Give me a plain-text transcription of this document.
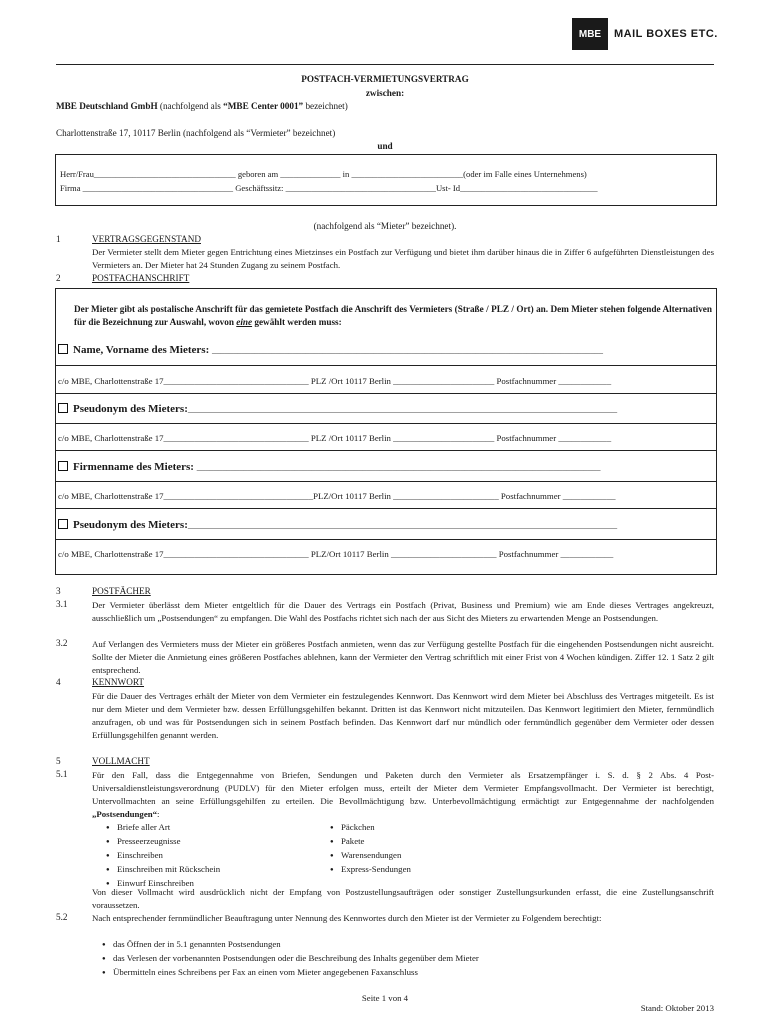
MBE	MAIL BOXES ETC.
POSTFACH-VERMIETUNGSVERTRAG
zwischen:
MBE Deutschland GmbH (nachfolgend als “MBE Center 0001” bezeichnet)
Charlottenstraße 17, 10117 Berlin (nachfolgend als “Vermieter” bezeichnet)
und
Herr/Frau_________________________________ geboren am ______________ in __________________________(oder im Falle eines Unternehmens)
Firma ___________________________________ Geschäftssitz: ___________________________________Ust- Id________________________________
(nachfolgend als “Mieter” bezeichnet).
1	VERTRAGSGEGENSTAND
Der Vermieter stellt dem Mieter gegen Entrichtung eines Mietzinses ein Postfach zur Verfügung und bietet ihm darüber hinaus die in Ziffer 6 aufgeführten Dienstleistungen des Vermieters an. Der Mieter hat 24 Stunden Zugang zu seinem Postfach.
2	POSTFACHANSCHRIFT
Der Mieter gibt als postalische Anschrift für das gemietete Postfach die Anschrift des Vermieters (Straße / PLZ / Ort) an. Dem Mieter stehen folgende Alternativen für die Bezeichnung zur Auswahl, wovon eine gewählt werden muss:
Name, Vorname des Mieters: ____________________________________________________________________________________________
c/o MBE, Charlottenstraße 17_________________________________ PLZ /Ort 10117 Berlin _______________________ Postfachnummer ____________
Pseudonym des Mieters:_____________________________________________________________________________________________________
c/o MBE, Charlottenstraße 17_________________________________ PLZ /Ort 10117 Berlin _______________________ Postfachnummer ____________
Firmenname des Mieters: _______________________________________________________________________________________________
c/o MBE, Charlottenstraße 17__________________________________PLZ/Ort 10117 Berlin ________________________ Postfachnummer ____________
Pseudonym des Mieters:_____________________________________________________________________________________________________
c/o MBE, Charlottenstraße 17_________________________________ PLZ/Ort 10117 Berlin ________________________ Postfachnummer ____________
3	POSTFÄCHER
3.1	Der Vermieter überlässt dem Mieter entgeltlich für die Dauer des Vertrags ein Postfach (Privat, Business und Premium) wie am Ende dieses Vertrages angekreuzt, ausschließlich um „Postsendungen“ zu empfangen. Die Wahl des Postfachs richtet sich nach der aus Sicht des Mieters zu erwartenden Menge an Postsendungen.
3.2	Auf Verlangen des Vermieters muss der Mieter ein größeres Postfach anmieten, wenn das zur Verfügung gestellte Postfach für die eingehenden Postsendungen nicht ausreicht. Sollte der Mieter die Anmietung eines größeren Postfaches ablehnen, kann der Vermieter den Vertrag schriftlich mit einer Frist von 4 Wochen kündigen. Ziffer 12. 1 Satz 2 gilt entsprechend.
4	KENNWORT
Für die Dauer des Vertrages erhält der Mieter von dem Vermieter ein festzulegendes Kennwort. Das Kennwort wird dem Mieter bei Abschluss des Vertrages mitgeteilt. Es ist nur dem Mieter und dem Vermieter bzw. dessen Erfüllungsgehilfen bekannt. Dritten ist das Kennwort nicht mitzuteilen. Das Kennwort legitimiert den Mieter, fernmündlich anzufragen, ob und was für Postsendungen sich in seinem Postfach befinden. Das Kennwort darf nur mündlich oder fernmündlich gegenüber dem Vermieter oder dessen Erfüllungsgehilfen genannt werden.
5	VOLLMACHT
5.1	Für den Fall, dass die Entgegennahme von Briefen, Sendungen und Paketen durch den Vermieter als Ersatzempfänger i. S. d. § 2 Abs. 4 Post-Universaldienstleistungsverordnung (PUDLV) für den Mieter erfolgen muss, erteilt der Mieter dem Vermieter Empfangsvollmacht. Der Vermieter ist berechtigt, Untervollmachten an seine Erfüllungsgehilfen zu erteilen. Die Bevollmächtigung bzw. Unterbevollmächtigung ermächtigt zur Entgegennahme der nachfolgenden „Postsendungen“:
● Briefe aller Art
● Presseerzeugnisse
● Einschreiben
● Einschreiben mit Rückschein
● Einwurf Einschreiben
● Päckchen
● Pakete
● Warensendungen
● Express-Sendungen
Von dieser Vollmacht wird ausdrücklich nicht der Empfang von Postzustellungsaufträgen oder sonstiger Zustellungsurkunden erfasst, die eine Zustellungsanschrift voraussetzen.
5.2	Nach entsprechender fernmündlicher Beauftragung unter Nennung des Kennwortes durch den Mieter ist der Vermieter zu Folgendem berechtigt:
● das Öffnen der in 5.1 genannten Postsendungen
● das Verlesen der vorbenannten Postsendungen oder die Beschreibung des Inhalts gegenüber dem Mieter
● Übermitteln eines Schreibens per Fax an einen vom Mieter angegebenen Faxanschluss
Seite 1 von 4
Stand: Oktober 2013
